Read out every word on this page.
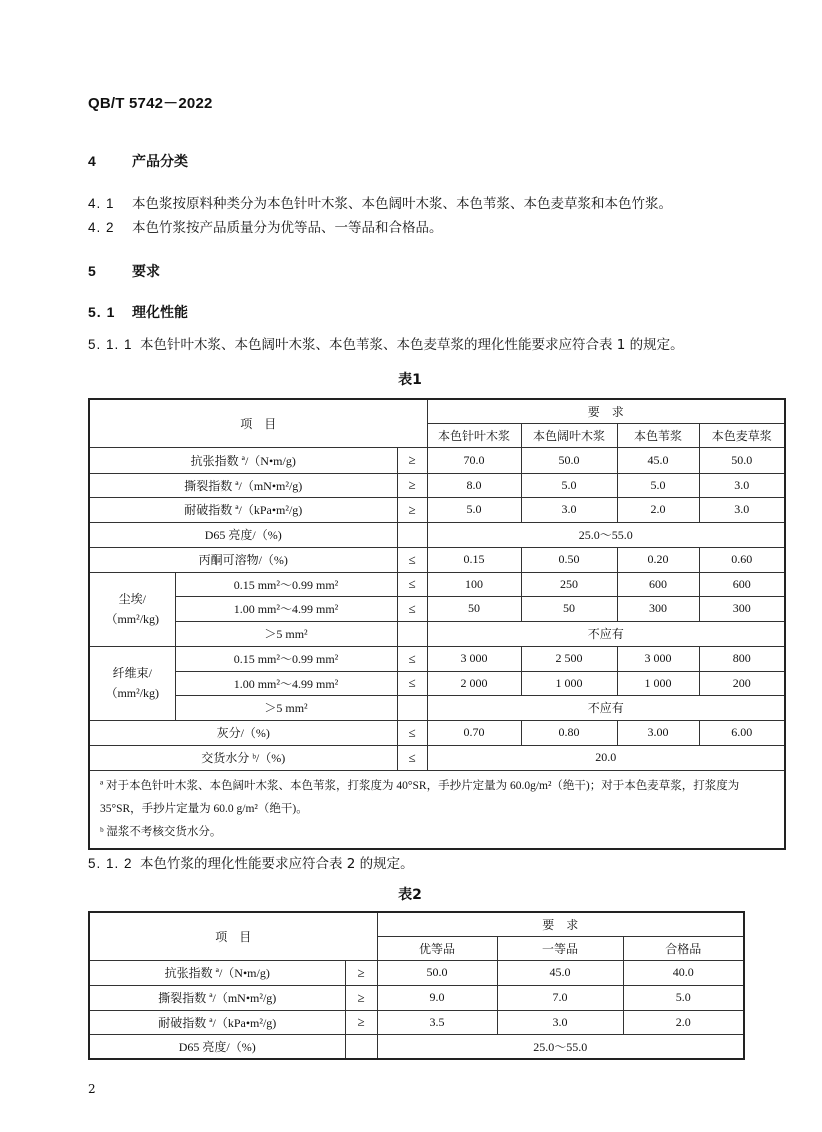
QB/T 5742－2022
4	产品分类
4. 1 本色浆按原料种类分为本色针叶木浆、本色阔叶木浆、本色苇浆、本色麦草浆和本色竹浆。
4. 2 本色竹浆按产品质量分为优等品、一等品和合格品。
5	要求
5. 1 理化性能
5. 1. 1 本色针叶木浆、本色阔叶木浆、本色苇浆、本色麦草浆的理化性能要求应符合表 1 的规定。
表1
项　目			要　求			
			本色针叶木浆	本色阔叶木浆	本色苇浆	本色麦草浆
抗张指数 ª/（N•m/g)		≥	70.0	50.0	45.0	50.0
撕裂指数 ª/（mN•m²/g)		≥	8.0	5.0	5.0	3.0
耐破指数 ª/（kPa•m²/g)		≥	5.0	3.0	2.0	3.0
D65 亮度/（%)			25.0～55.0			
丙酮可溶物/（%)		≤	0.15	0.50	0.20	0.60
尘埃/
（mm²/kg)	0.15 mm²～0.99 mm²	≤	100	250	600	600
	1.00 mm²～4.99 mm²	≤	50	50	300	300
	＞5 mm²		不应有			
纤维束/
（mm²/kg)	0.15 mm²～0.99 mm²	≤	3 000	2 500	3 000	800
	1.00 mm²～4.99 mm²	≤	2 000	1 000	1 000	200
	＞5 mm²		不应有			
灰分/（%)		≤	0.70	0.80	3.00	6.00
交货水分 ᵇ/（%)		≤	20.0			

ª 对于本色针叶木浆、本色阔叶木浆、本色苇浆，打浆度为 40°SR，手抄片定量为 60.0g/m²（绝干)；对于本色麦草浆，打浆度为 35°SR，手抄片定量为 60.0 g/m²（绝干)。
ᵇ 湿浆不考核交货水分。						
5. 1. 2 本色竹浆的理化性能要求应符合表 2 的规定。
表2
项　目		要　求		
		优等品	一等品	合格品
抗张指数 ª/（N•m/g)	≥	50.0	45.0	40.0
撕裂指数 ª/（mN•m²/g)	≥	9.0	7.0	5.0
耐破指数 ª/（kPa•m²/g)	≥	3.5	3.0	2.0
D65 亮度/（%)		25.0～55.0		
2
